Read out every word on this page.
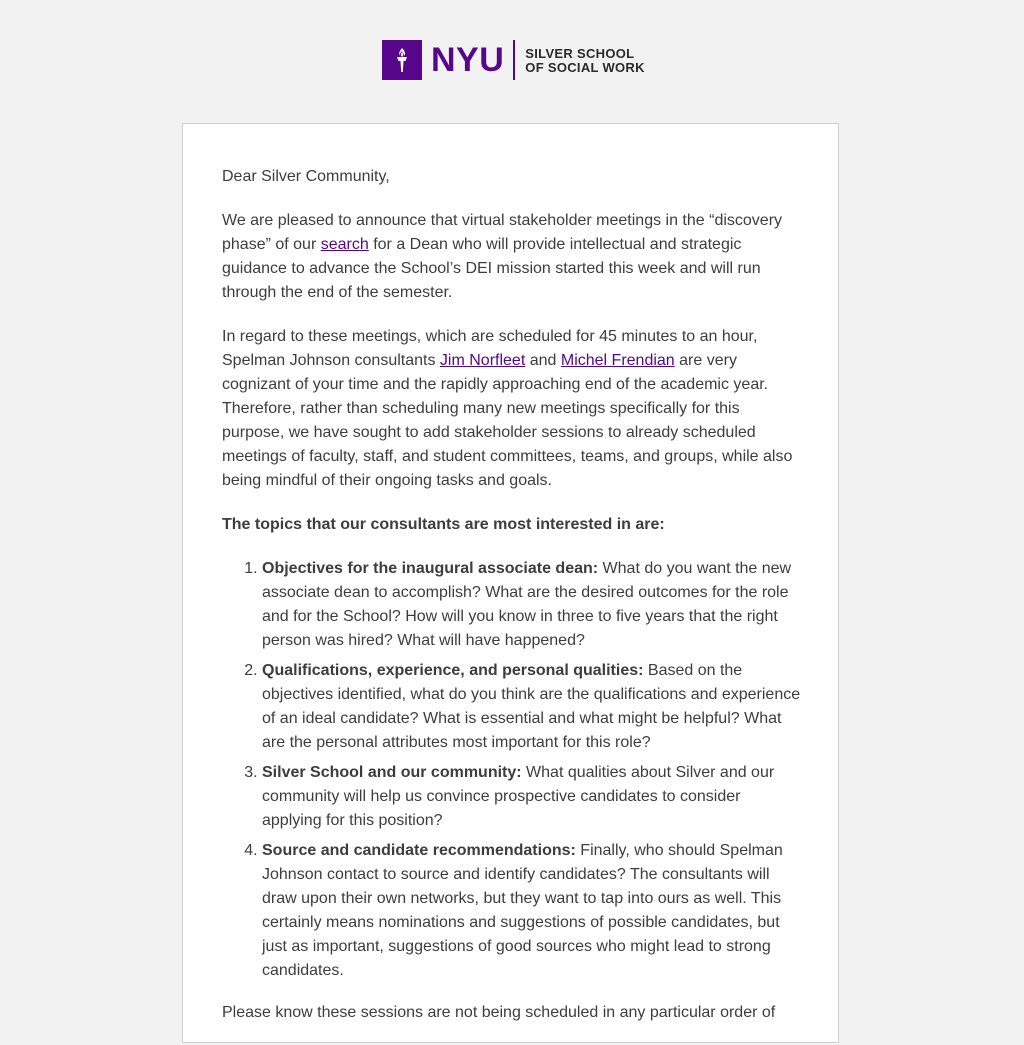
NYU SILVER SCHOOL
OF SOCIAL WORK

Dear Silver Community,

We are pleased to announce that virtual stakeholder meetings in the “discovery phase” of our search for a Dean who will provide intellectual and strategic guidance to advance the School’s DEI mission started this week and will run through the end of the semester.

In regard to these meetings, which are scheduled for 45 minutes to an hour, Spelman Johnson consultants Jim Norfleet and Michel Frendian are very cognizant of your time and the rapidly approaching end of the academic year. Therefore, rather than scheduling many new meetings specifically for this purpose, we have sought to add stakeholder sessions to already scheduled meetings of faculty, staff, and student committees, teams, and groups, while also being mindful of their ongoing tasks and goals.

The topics that our consultants are most interested in are:

1. Objectives for the inaugural associate dean: What do you want the new associate dean to accomplish? What are the desired outcomes for the role and for the School? How will you know in three to five years that the right person was hired? What will have happened?
2. Qualifications, experience, and personal qualities: Based on the objectives identified, what do you think are the qualifications and experience of an ideal candidate? What is essential and what might be helpful? What are the personal attributes most important for this role?
3. Silver School and our community: What qualities about Silver and our community will help us convince prospective candidates to consider applying for this position?
4. Source and candidate recommendations: Finally, who should Spelman Johnson contact to source and identify candidates? The consultants will draw upon their own networks, but they want to tap into ours as well. This certainly means nominations and suggestions of possible candidates, but just as important, suggestions of good sources who might lead to strong candidates.

Please know these sessions are not being scheduled in any particular order of
